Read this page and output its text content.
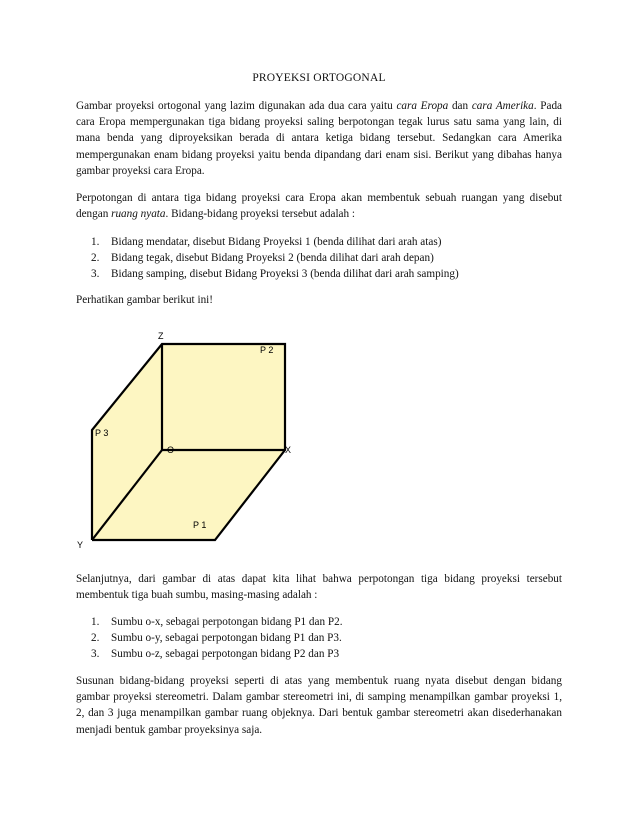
PROYEKSI ORTOGONAL
Gambar proyeksi ortogonal yang lazim digunakan ada dua cara yaitu cara Eropa dan cara Amerika. Pada cara Eropa mempergunakan tiga bidang proyeksi saling berpotongan tegak lurus satu sama yang lain, di mana benda yang diproyeksikan berada di antara ketiga bidang tersebut. Sedangkan cara Amerika mempergunakan enam bidang proyeksi yaitu benda dipandang dari enam sisi. Berikut yang dibahas hanya gambar proyeksi cara Eropa.
Perpotongan di antara tiga bidang proyeksi cara Eropa akan membentuk sebuah ruangan yang disebut dengan ruang nyata. Bidang-bidang proyeksi tersebut adalah :
1. Bidang mendatar, disebut Bidang Proyeksi 1 (benda dilihat dari arah atas)
2. Bidang tegak, disebut Bidang Proyeksi 2 (benda dilihat dari arah depan)
3. Bidang samping, disebut Bidang Proyeksi 3 (benda dilihat dari arah samping)
Perhatikan gambar berikut ini!
Z
P 2
P 3
O	X
P 1
Y
Selanjutnya, dari gambar di atas dapat kita lihat bahwa perpotongan tiga bidang proyeksi tersebut membentuk tiga buah sumbu, masing-masing adalah :
1. Sumbu o-x, sebagai perpotongan bidang P1 dan P2.
2. Sumbu o-y, sebagai perpotongan bidang P1 dan P3.
3. Sumbu o-z, sebagai perpotongan bidang P2 dan P3
Susunan bidang-bidang proyeksi seperti di atas yang membentuk ruang nyata disebut dengan bidang gambar proyeksi stereometri. Dalam gambar stereometri ini, di samping menampilkan gambar proyeksi 1, 2, dan 3 juga menampilkan gambar ruang objeknya. Dari bentuk gambar stereometri akan disederhanakan menjadi bentuk gambar proyeksinya saja.
